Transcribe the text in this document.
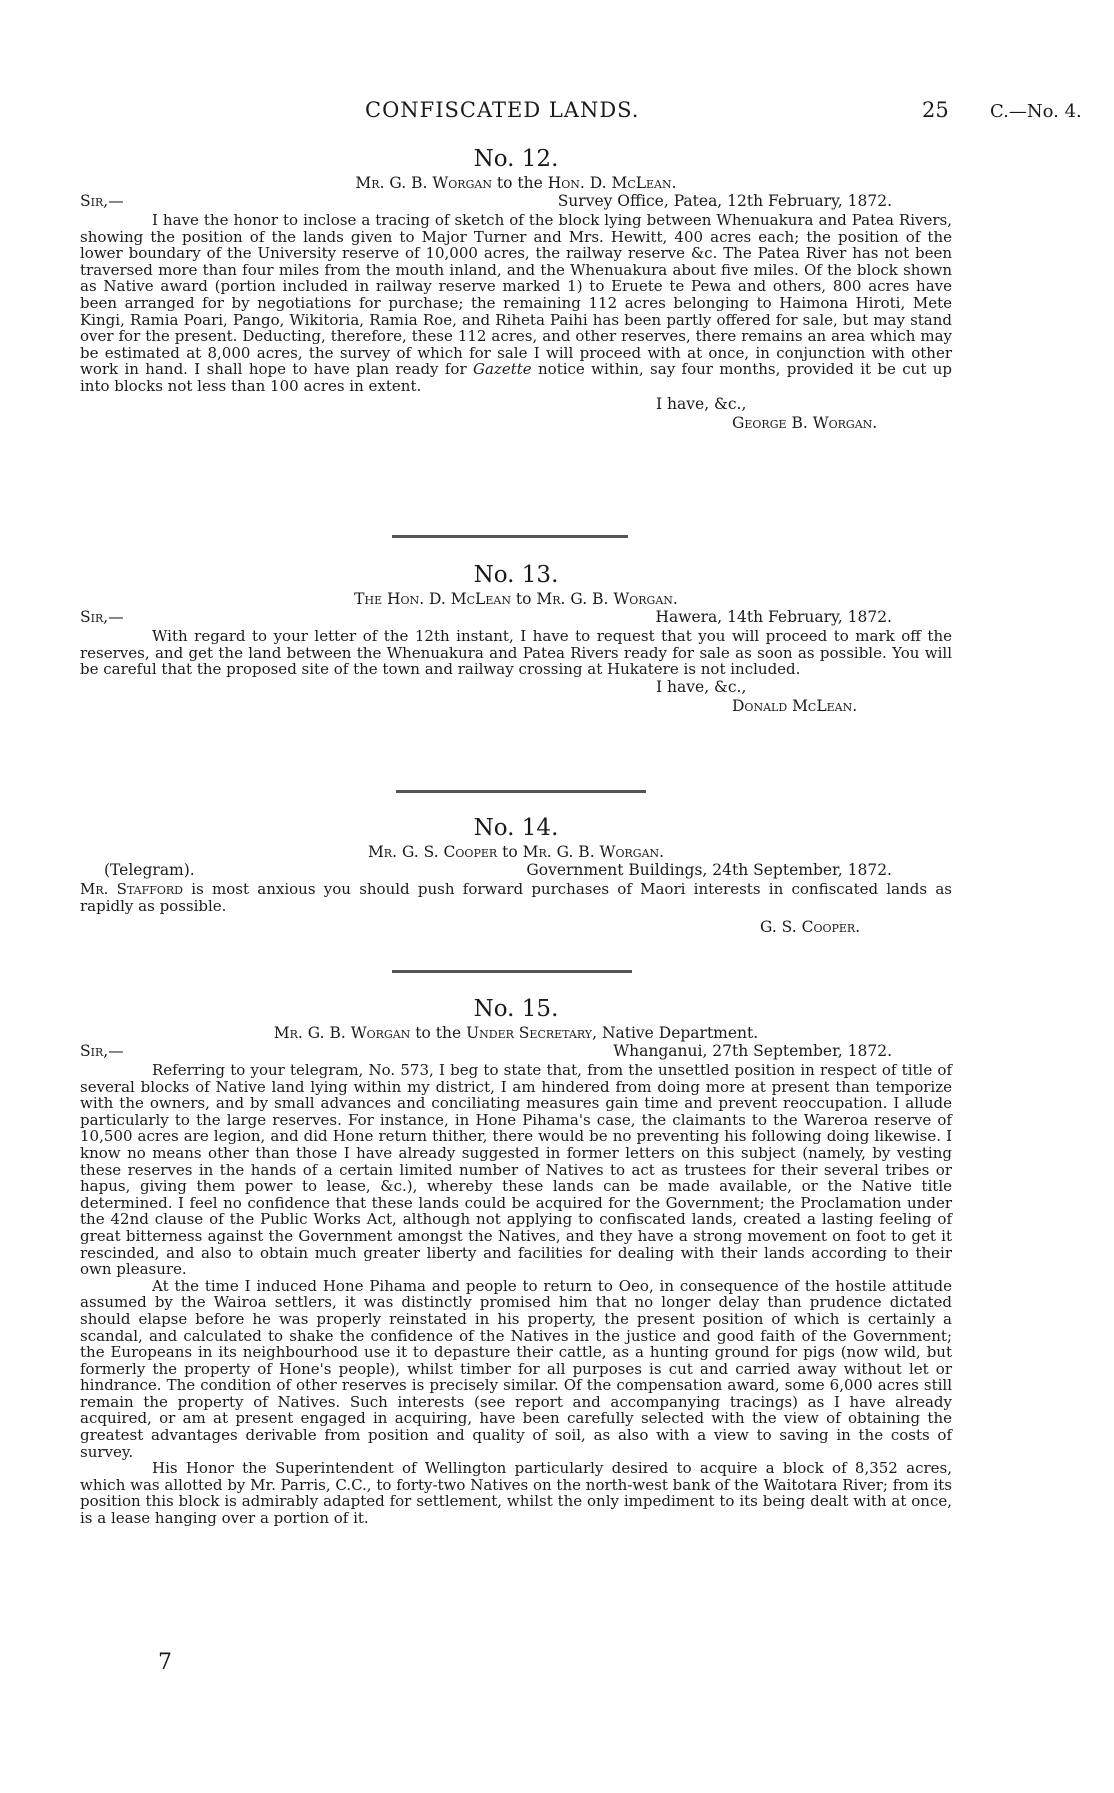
CONFISCATED LANDS.	25 C.—No. 4.

No. 12.

Mr. G. B. Worgan to the Hon. D. McLean.

Sir,—	Survey Office, Patea, 12th February, 1872.

I have the honor to inclose a tracing of sketch of the block lying between Whenuakura and Patea Rivers, showing the position of the lands given to Major Turner and Mrs. Hewitt, 400 acres each; the position of the lower boundary of the University reserve of 10,000 acres, the railway reserve &c. The Patea River has not been traversed more than four miles from the mouth inland, and the Whenuakura about five miles. Of the block shown as Native award (portion included in railway reserve marked 1) to Eruete te Pewa and others, 800 acres have been arranged for by negotiations for purchase; the remaining 112 acres belonging to Haimona Hiroti, Mete Kingi, Ramia Poari, Pango, Wikitoria, Ramia Roe, and Riheta Paihi has been partly offered for sale, but may stand over for the present. Deducting, therefore, these 112 acres, and other reserves, there remains an area which may be estimated at 8,000 acres, the survey of which for sale I will proceed with at once, in conjunction with other work in hand. I shall hope to have plan ready for Gazette notice within, say four months, provided it be cut up into blocks not less than 100 acres in extent.

I have, &c.,
George B. Worgan.

No. 13.

The Hon. D. McLean to Mr. G. B. Worgan.

Sir,—	Hawera, 14th February, 1872.

With regard to your letter of the 12th instant, I have to request that you will proceed to mark off the reserves, and get the land between the Whenuakura and Patea Rivers ready for sale as soon as possible. You will be careful that the proposed site of the town and railway crossing at Hukatere is not included.

I have, &c.,
Donald McLean.

No. 14.

Mr. G. S. Cooper to Mr. G. B. Worgan.

(Telegram).	Government Buildings, 24th September, 1872.

Mr. Stafford is most anxious you should push forward purchases of Maori interests in confiscated lands as rapidly as possible.

G. S. Cooper.

No. 15.

Mr. G. B. Worgan to the Under Secretary, Native Department.

Sir,—	Whanganui, 27th September, 1872.

Referring to your telegram, No. 573, I beg to state that, from the unsettled position in respect of title of several blocks of Native land lying within my district, I am hindered from doing more at present than temporize with the owners, and by small advances and conciliating measures gain time and prevent reoccupation. I allude particularly to the large reserves. For instance, in Hone Pihama's case, the claimants to the Wareroa reserve of 10,500 acres are legion, and did Hone return thither, there would be no preventing his following doing likewise. I know no means other than those I have already suggested in former letters on this subject (namely, by vesting these reserves in the hands of a certain limited number of Natives to act as trustees for their several tribes or hapus, giving them power to lease, &c.), whereby these lands can be made available, or the Native title determined. I feel no confidence that these lands could be acquired for the Government; the Proclamation under the 42nd clause of the Public Works Act, although not applying to confiscated lands, created a lasting feeling of great bitterness against the Government amongst the Natives, and they have a strong movement on foot to get it rescinded, and also to obtain much greater liberty and facilities for dealing with their lands according to their own pleasure.

At the time I induced Hone Pihama and people to return to Oeo, in consequence of the hostile attitude assumed by the Wairoa settlers, it was distinctly promised him that no longer delay than prudence dictated should elapse before he was properly reinstated in his property, the present position of which is certainly a scandal, and calculated to shake the confidence of the Natives in the justice and good faith of the Government; the Europeans in its neighbourhood use it to depasture their cattle, as a hunting ground for pigs (now wild, but formerly the property of Hone's people), whilst timber for all purposes is cut and carried away without let or hindrance. The condition of other reserves is precisely similar. Of the compensation award, some 6,000 acres still remain the property of Natives. Such interests (see report and accompanying tracings) as I have already acquired, or am at present engaged in acquiring, have been carefully selected with the view of obtaining the greatest advantages derivable from position and quality of soil, as also with a view to saving in the costs of survey.

His Honor the Superintendent of Wellington particularly desired to acquire a block of 8,352 acres, which was allotted by Mr. Parris, C.C., to forty-two Natives on the north-west bank of the Waitotara River; from its position this block is admirably adapted for settlement, whilst the only impediment to its being dealt with at once, is a lease hanging over a portion of it.

7
